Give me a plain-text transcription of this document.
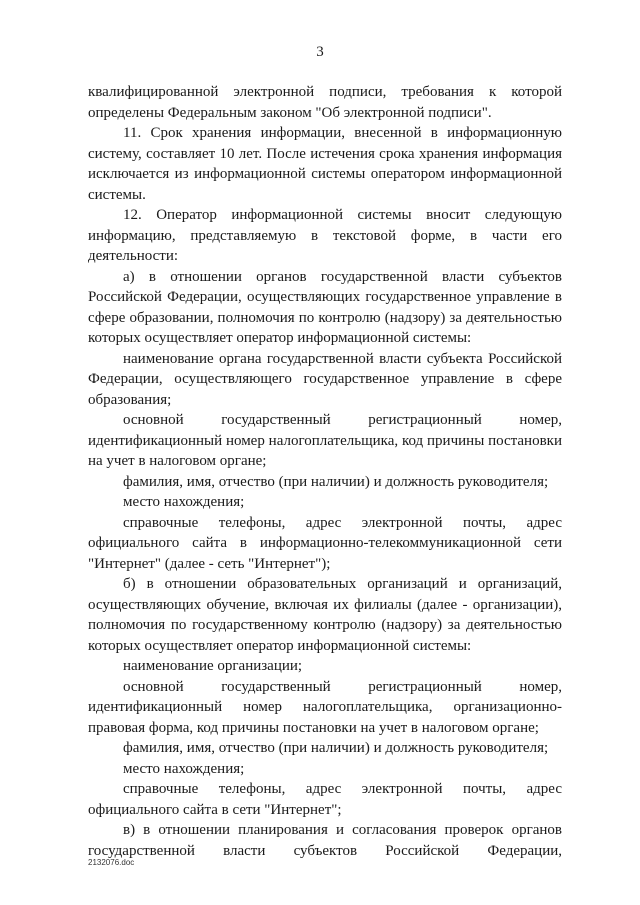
3

квалифицированной электронной подписи, требования к которой определены Федеральным законом "Об электронной подписи".

11. Срок хранения информации, внесенной в информационную систему, составляет 10 лет. После истечения срока хранения информация исключается из информационной системы оператором информационной системы.

12. Оператор информационной системы вносит следующую информацию, представляемую в текстовой форме, в части его деятельности:

а) в отношении органов государственной власти субъектов Российской Федерации, осуществляющих государственное управление в сфере образовании, полномочия по контролю (надзору) за деятельностью которых осуществляет оператор информационной системы:

наименование органа государственной власти субъекта Российской Федерации, осуществляющего государственное управление в сфере образования;

основной государственный регистрационный номер, идентификационный номер налогоплательщика, код причины постановки на учет в налоговом органе;

фамилия, имя, отчество (при наличии) и должность руководителя;

место нахождения;

справочные телефоны, адрес электронной почты, адрес официального сайта в информационно-телекоммуникационной сети "Интернет" (далее - сеть "Интернет");

б) в отношении образовательных организаций и организаций, осуществляющих обучение, включая их филиалы (далее - организации), полномочия по государственному контролю (надзору) за деятельностью которых осуществляет оператор информационной системы:

наименование организации;

основной государственный регистрационный номер, идентификационный номер налогоплательщика, организационно-правовая форма, код причины постановки на учет в налоговом органе;

фамилия, имя, отчество (при наличии) и должность руководителя;

место нахождения;

справочные телефоны, адрес электронной почты, адрес официального сайта в сети "Интернет";

в) в отношении планирования и согласования проверок органов государственной власти субъектов Российской Федерации,

2132076.doc
